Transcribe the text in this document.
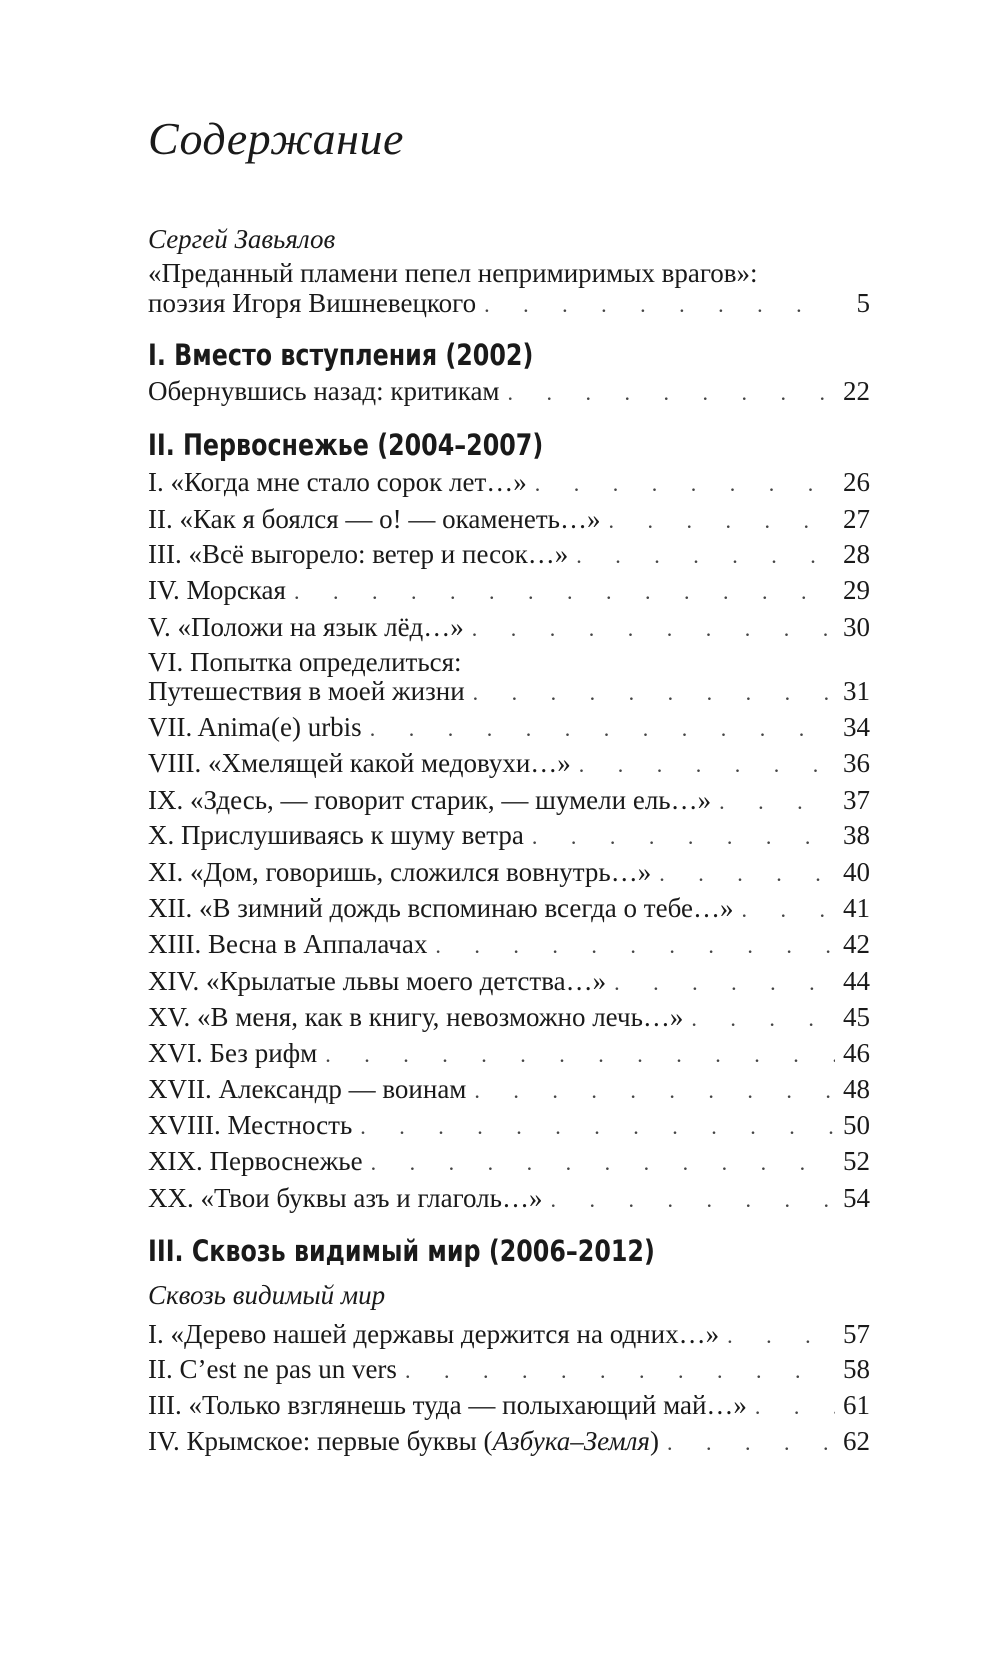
Содержание
Сергей Завьялов
«Преданный пламени пепел непримиримых врагов»:
поэзия Игоря Вишневецкого . . .	5
I. Вместо вступления (2002)
Обернувшись назад: критикам . . .	22
II. Первоснежье (2004–2007)
I. «Когда мне стало сорок лет…» . . .	26
II. «Как я боялся — о! — окаменеть…» . . .	27
III. «Всё выгорело: ветер и песок…» . . .	28
IV. Морская . . .	29
V. «Положи на язык лёд…» . . .	30
VI. Попытка определиться:
Путешествия в моей жизни . . .	31
VII. Anima(e) urbis . . .	34
VIII. «Хмелящей какой медовухи…» . . .	36
IX. «Здесь, — говорит старик, — шумели ель…» . . .	37
X. Прислушиваясь к шуму ветра . . .	38
XI. «Дом, говоришь, сложился вовнутрь…» . . .	40
XII. «В зимний дождь вспоминаю всегда о тебе…» . . .	41
XIII. Весна в Аппалачах . . .	42
XIV. «Крылатые львы моего детства…» . . .	44
XV. «В меня, как в книгу, невозможно лечь…» . . .	45
XVI. Без рифм . . .	46
XVII. Александр — воинам . . .	48
XVIII. Местность . . .	50
XIX. Первоснежье . . .	52
XX. «Твои буквы азъ и глаголь…» . . .	54
III. Сквозь видимый мир (2006–2012)
Сквозь видимый мир
I. «Дерево нашей державы держится на одних…» . . .	57
II. C’est ne pas un vers . . .	58
III. «Только взглянешь туда — полыхающий май…» . . .	61
IV. Крымское: первые буквы (Азбука–Земля) . . .	62
